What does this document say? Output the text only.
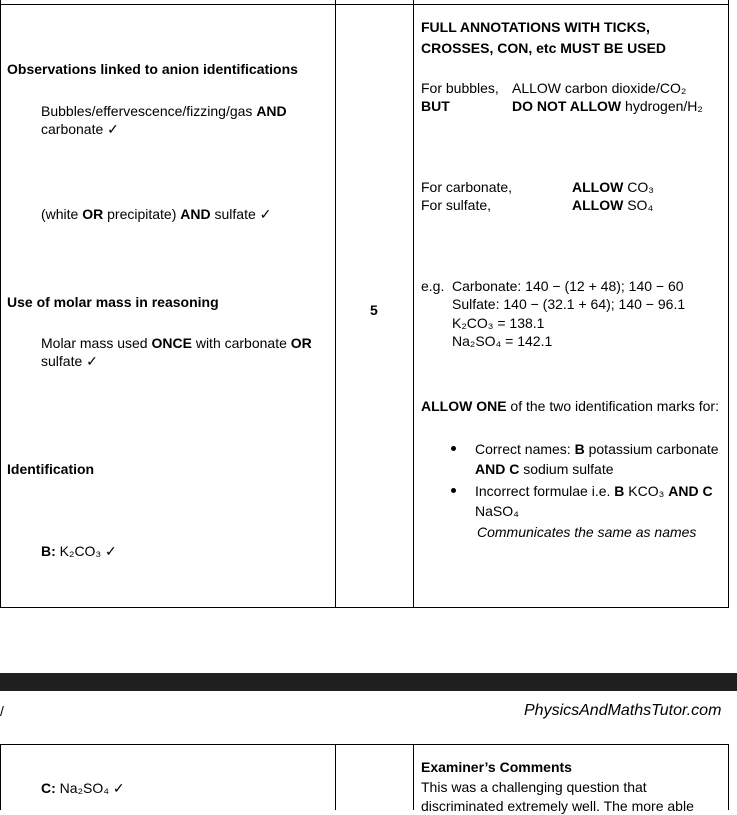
Observations linked to anion identifications
Bubbles/effervescence/fizzing/gas AND
carbonate ✓
(white OR precipitate) AND sulfate ✓
Use of molar mass in reasoning
Molar mass used ONCE with carbonate OR
sulfate ✓
Identification
B: K₂CO₃ ✓
5
FULL ANNOTATIONS WITH TICKS,
CROSSES, CON, etc MUST BE USED
For bubbles, ALLOW carbon dioxide/CO₂
BUT	DO NOT ALLOW hydrogen/H₂
For carbonate,	ALLOW CO₃
For sulfate,	ALLOW SO₄
e.g. Carbonate: 140 − (12 + 48); 140 − 60
Sulfate: 140 − (32.1 + 64); 140 − 96.1
K₂CO₃ = 138.1
Na₂SO₄ = 142.1
ALLOW ONE of the two identification marks for:
Correct names: B potassium carbonate
AND C sodium sulfate
Incorrect formulae i.e. B KCO₃ AND C
NaSO₄
Communicates the same as names
/	PhysicsAndMathsTutor.com
C: Na₂SO₄ ✓
Examiner’s Comments
This was a challenging question that
discriminated extremely well. The more able
